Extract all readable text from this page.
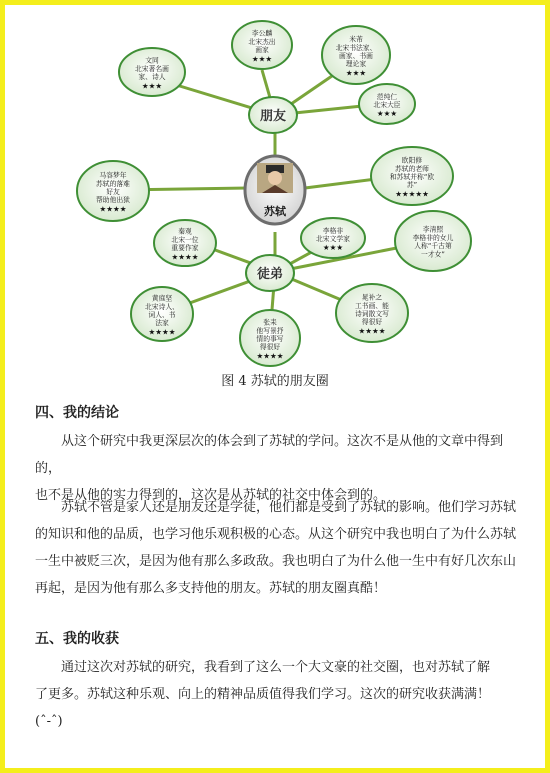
朋友
徒弟
苏轼
李公麟
北宋杰出
画家
★★★
米芾
北宋书法家、
画家、书画
理论家
★★★
文同
北宋著名画
家、诗人
★★★
范纯仁
北宋大臣
★★★
欧阳修
苏轼的老师
和苏轼并称“欧
苏”
★★★★★
马容梦年
苏轼的落难
好友
帮助他出狱
★★★★
秦观
北宋一位
重要作家
★★★★
李格非
北宋文学家
★★★
李清照
李格非的女儿
人称“千古第
一才女”
黄庭坚
北宋诗人、
词人、书
法家
★★★★
张耒
他写景抒
情的事写
得很好
★★★★
晁补之
工书画、能
诗词散文写
得很好
★★★★
图 4 苏轼的朋友圈
四、我的结论

从这个研究中我更深层次的体会到了苏轼的学问。这次不是从他的文章中得到的，

也不是从他的实力得到的，这次是从苏轼的社交中体会到的。

苏轼不管是家人还是朋友还是学徒，他们都是受到了苏轼的影响。他们学习苏轼

的知识和他的品质，也学习他乐观积极的心态。从这个研究中我也明白了为什么苏轼

一生中被贬三次，是因为他有那么多政敌。我也明白了为什么他一生中有好几次东山

再起，是因为他有那么多支持他的朋友。苏轼的朋友圈真酷！

五、我的收获

通过这次对苏轼的研究，我看到了这么一个大文豪的社交圈，也对苏轼了解

了更多。苏轼这种乐观、向上的精神品质值得我们学习。这次的研究收获满满！

(ˆ-ˆ)
